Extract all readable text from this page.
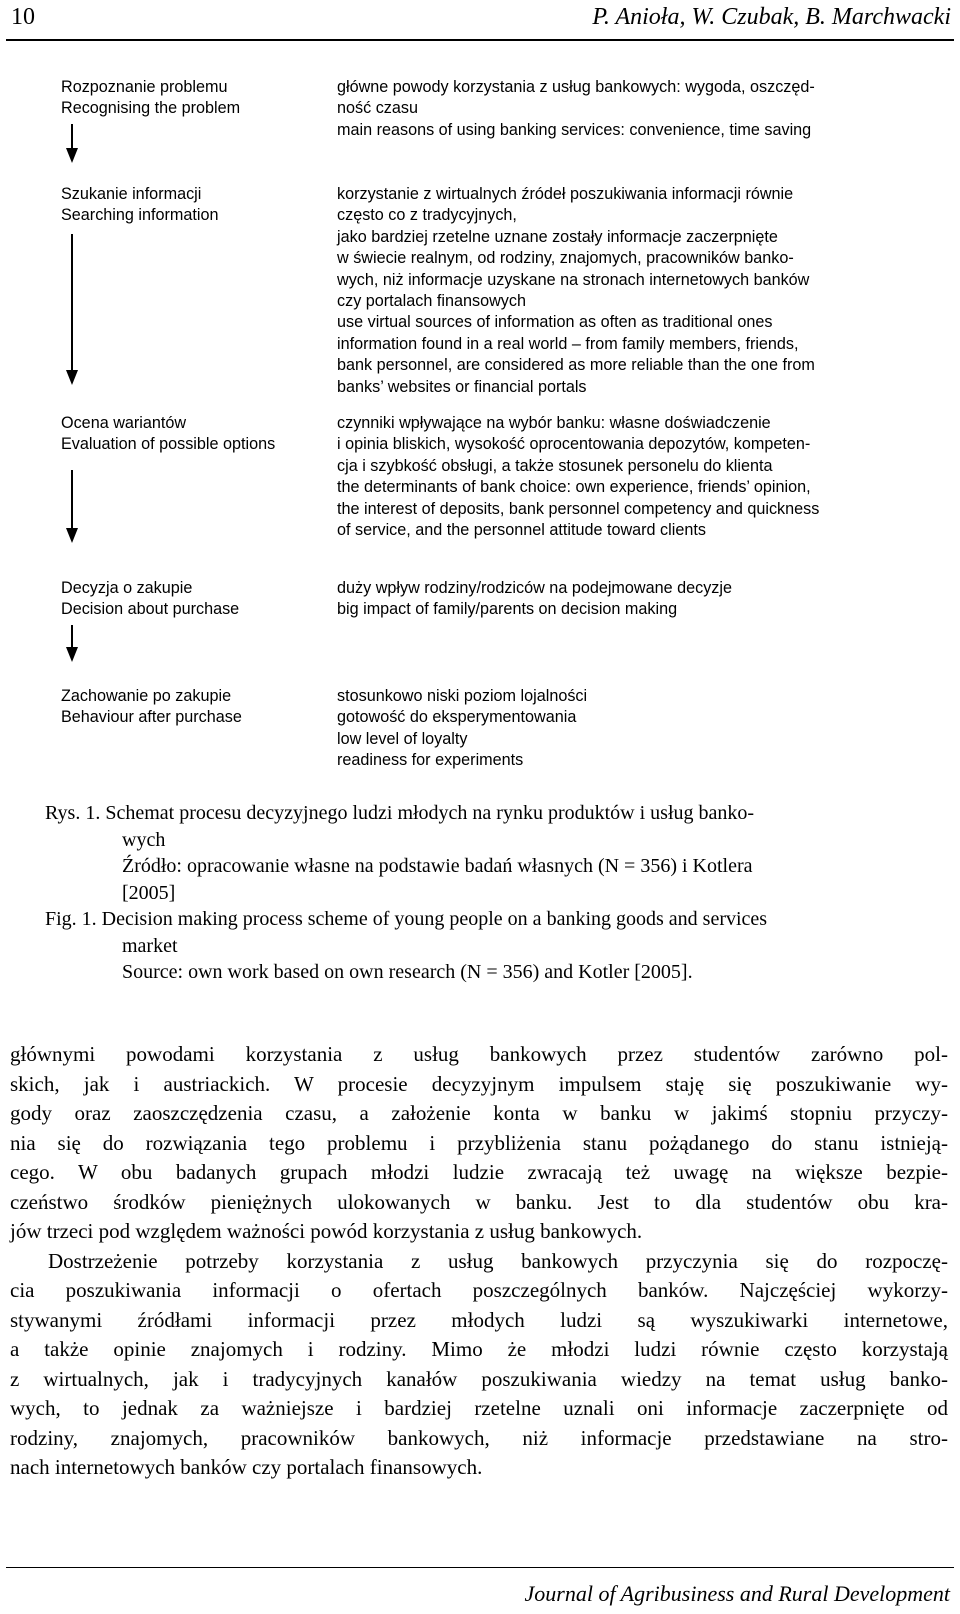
10	P. Anioła, W. Czubak, B. Marchwacki
Rozpoznanie problemu
Recognising the problem
główne powody korzystania z usług bankowych: wygoda, oszczęd-
ność czasu
main reasons of using banking services: convenience, time saving
Szukanie informacji
Searching information
korzystanie z wirtualnych źródeł poszukiwania informacji równie
często co z tradycyjnych,
jako bardziej rzetelne uznane zostały informacje zaczerpnięte
w świecie realnym, od rodziny, znajomych, pracowników banko-
wych, niż informacje uzyskane na stronach internetowych banków
czy portalach finansowych
use virtual sources of information as often as traditional ones
information found in a real world – from family members, friends,
bank personnel, are considered as more reliable than the one from
banks’ websites or financial portals
Ocena wariantów
Evaluation of possible options
czynniki wpływające na wybór banku: własne doświadczenie
i opinia bliskich, wysokość oprocentowania depozytów, kompeten-
cja i szybkość obsługi, a także stosunek personelu do klienta
the determinants of bank choice: own experience, friends’ opinion,
the interest of deposits, bank personnel competency and quickness
of service, and the personnel attitude toward clients
Decyzja o zakupie
Decision about purchase
duży wpływ rodziny/rodziców na podejmowane decyzje
big impact of family/parents on decision making
Zachowanie po zakupie
Behaviour after purchase
stosunkowo niski poziom lojalności
gotowość do eksperymentowania
low level of loyalty
readiness for experiments
Rys. 1. Schemat procesu decyzyjnego ludzi młodych na rynku produktów i usług banko-
wych
Źródło: opracowanie własne na podstawie badań własnych (N = 356) i Kotlera
[2005]
Fig. 1. Decision making process scheme of young people on a banking goods and services
market
Source: own work based on own research (N = 356) and Kotler [2005].

głównymi powodami korzystania z usług bankowych przez studentów zarówno pol-
skich, jak i austriackich. W procesie decyzyjnym impulsem staję się poszukiwanie wy-
gody oraz zaoszczędzenia czasu, a założenie konta w banku w jakimś stopniu przyczy-
nia się do rozwiązania tego problemu i przybliżenia stanu pożądanego do stanu istnieją-
cego. W obu badanych grupach młodzi ludzie zwracają też uwagę na większe bezpie-
czeństwo środków pieniężnych ulokowanych w banku. Jest to dla studentów obu kra-
jów trzeci pod względem ważności powód korzystania z usług bankowych.

Dostrzeżenie potrzeby korzystania z usług bankowych przyczynia się do rozpoczę-
cia poszukiwania informacji o ofertach poszczególnych banków. Najczęściej wykorzy-
stywanymi źródłami informacji przez młodych ludzi są wyszukiwarki internetowe,
a także opinie znajomych i rodziny. Mimo że młodzi ludzi równie często korzystają
z wirtualnych, jak i tradycyjnych kanałów poszukiwania wiedzy na temat usług banko-
wych, to jednak za ważniejsze i bardziej rzetelne uznali oni informacje zaczerpnięte od
rodziny, znajomych, pracowników bankowych, niż informacje przedstawiane na stro-
nach internetowych banków czy portalach finansowych.

Journal of Agribusiness and Rural Development
